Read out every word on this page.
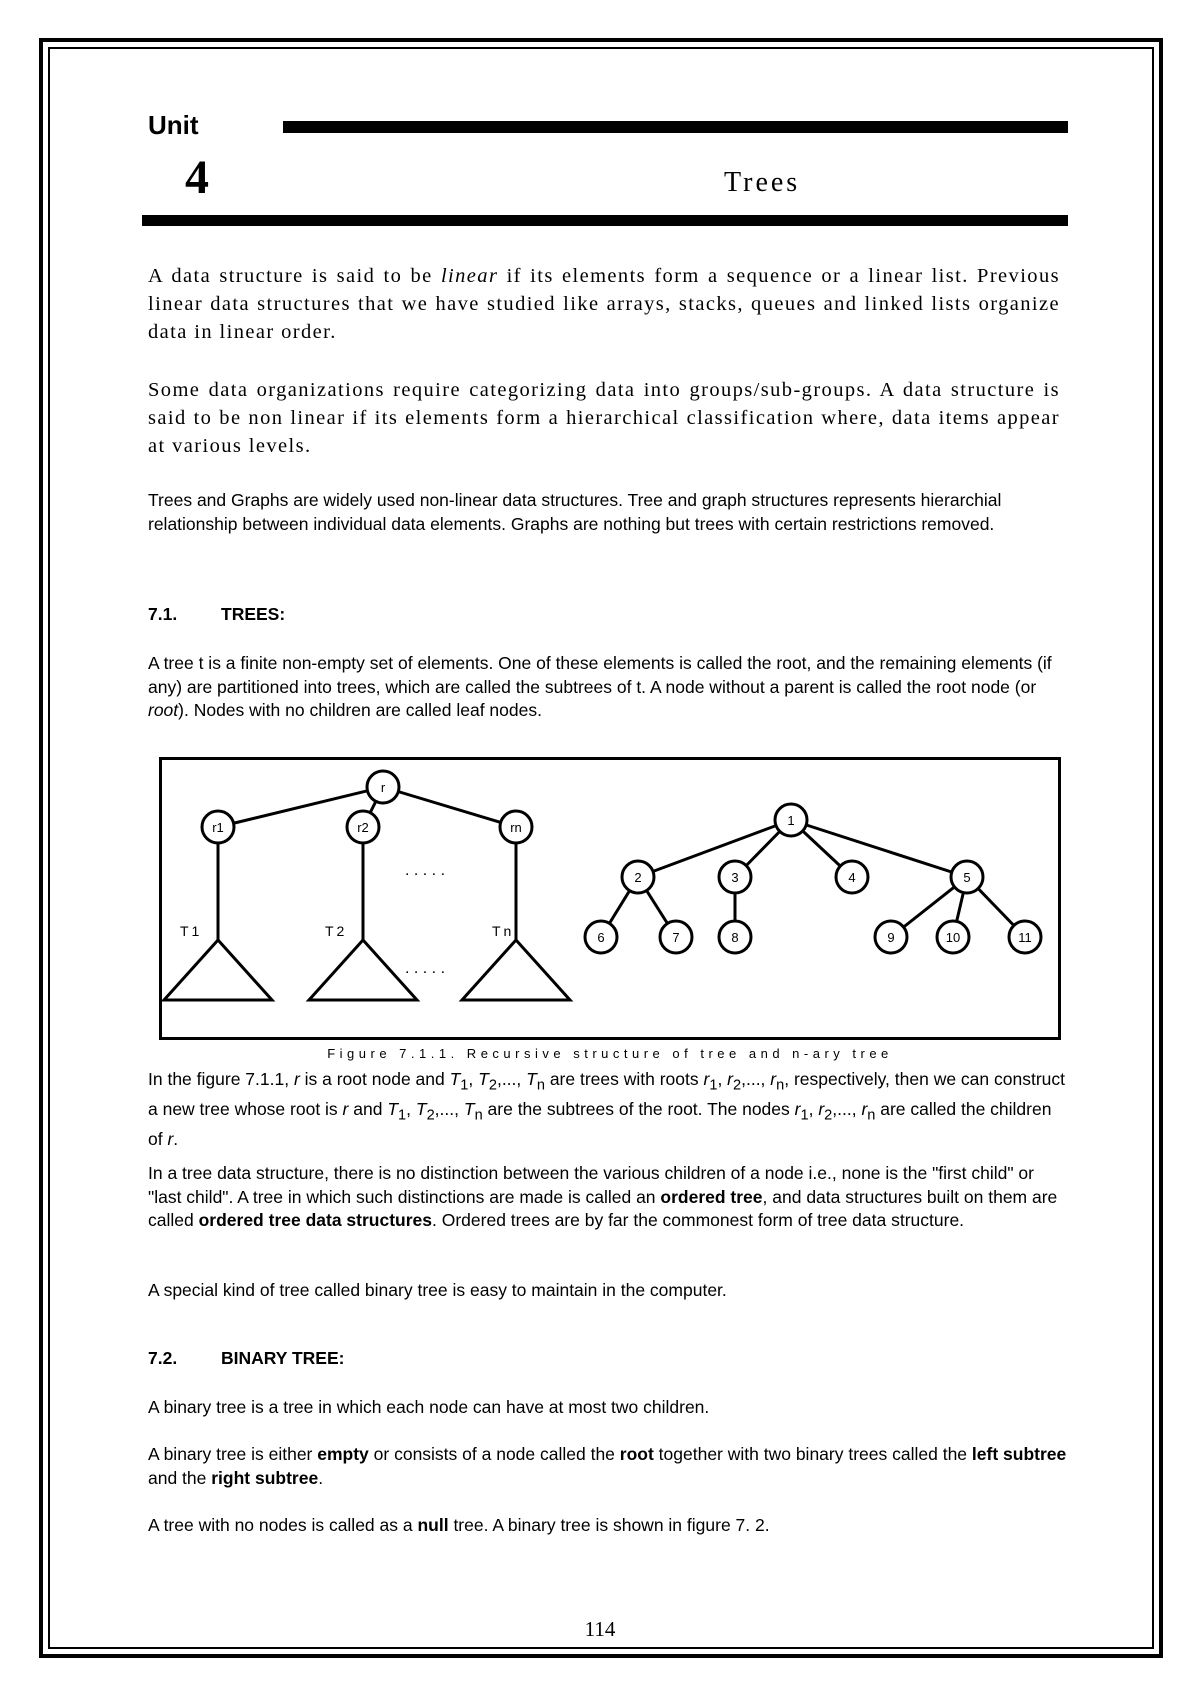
Unit
4	Trees
A data structure is said to be linear if its elements form a sequence or a linear list. Previous linear data structures that we have studied like arrays, stacks, queues and linked lists organize data in linear order.
Some data organizations require categorizing data into groups/sub-groups. A data structure is said to be non linear if its elements form a hierarchical classification where, data items appear at various levels.
Trees and Graphs are widely used non-linear data structures. Tree and graph structures represents hierarchial relationship between individual data elements. Graphs are nothing but trees with certain restrictions removed.
7.1.	TREES:
A tree t is a finite non-empty set of elements. One of these elements is called the root, and the remaining elements (if any) are partitioned into trees, which are called the subtrees of t. A node without a parent is called the root node (or root). Nodes with no children are called leaf nodes.
r
r1	r2	rn
T1	T2	Tn
. . . . .
. . . . .
1
2	3	4	5
6	7	8	9	10	11
Figure 7.1.1. Recursive structure of tree and n-ary tree
In the figure 7.1.1, r is a root node and $T_1$, $T_2$,..., $T_n$ are trees with roots $r_1$, $r_2$,..., $r_n$, respectively, then we can construct a new tree whose root is r and $T_1$, $T_2$,..., $T_n$ are the subtrees of the root. The nodes $r_1$, $r_2$,..., $r_n$ are called the children of r.
In a tree data structure, there is no distinction between the various children of a node i.e., none is the "first child" or "last child". A tree in which such distinctions are made is called an ordered tree, and data structures built on them are called ordered tree data structures. Ordered trees are by far the commonest form of tree data structure.
A special kind of tree called binary tree is easy to maintain in the computer.
7.2.	BINARY TREE:
A binary tree is a tree in which each node can have at most two children.
A binary tree is either empty or consists of a node called the root together with two binary trees called the left subtree and the right subtree.
A tree with no nodes is called as a null tree. A binary tree is shown in figure 7. 2.
114
